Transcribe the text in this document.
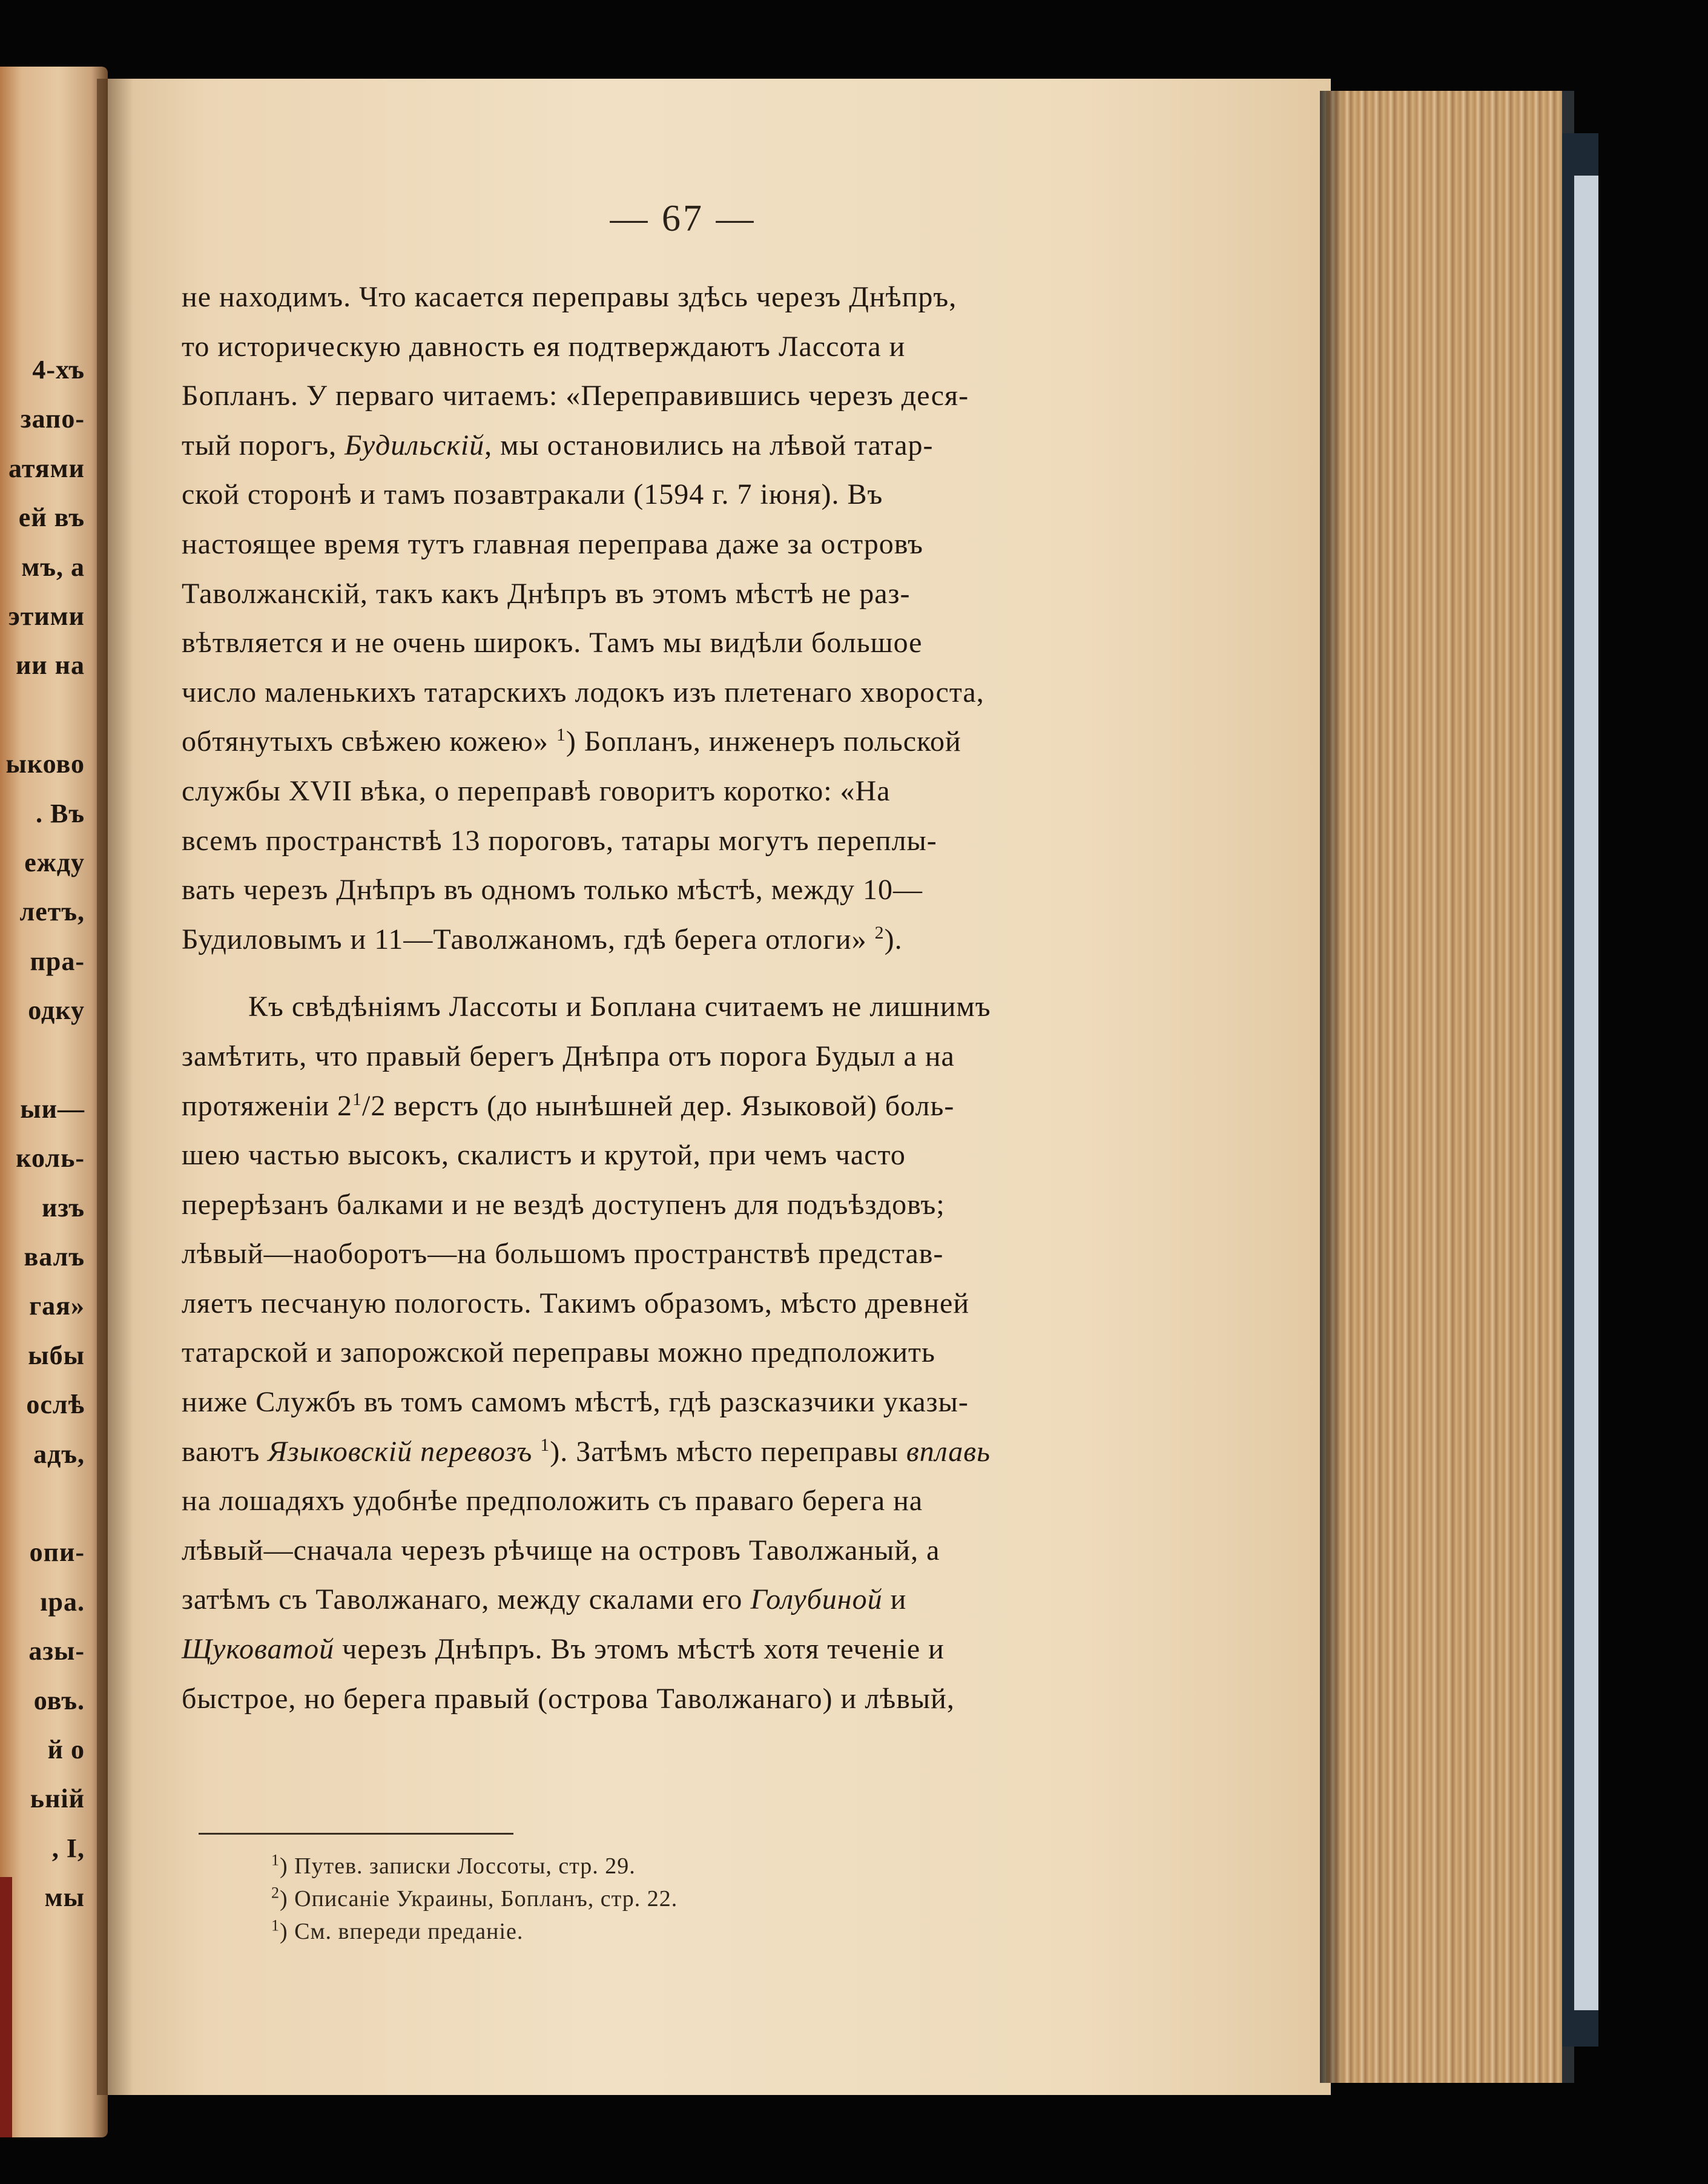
4-хъ
запо-
атями
ей въ
мъ, а
этими
ии на
ыково
. Въ
ежду
летъ,
пра-
одку
ыи—
коль-
изъ
валъ
гая»
ыбы
ослѣ
адъ,
опи-
ıра.
азы-
овъ.
й о
ьній
, I,
мы
— 67 —
не находимъ. Что касается переправы здѣсь черезъ Днѣпръ,
то историческую давность ея подтверждаютъ Лассота и
Бопланъ. У перваго читаемъ: «Переправившись черезъ деся-
тый порогъ, Будильскій, мы остановились на лѣвой татар-
ской сторонѣ и тамъ позавтракали (1594 г. 7 іюня). Въ
настоящее время тутъ главная переправа даже за островъ
Таволжанскій, такъ какъ Днѣпръ въ этомъ мѣстѣ не раз-
вѣтвляется и не очень широкъ. Тамъ мы видѣли большое
число маленькихъ татарскихъ лодокъ изъ плетенаго хвороста,
обтянутыхъ свѣжею кожею» $^1$) Бопланъ, инженеръ польской
службы XVII вѣка, о переправѣ говоритъ коротко: «На
всемъ пространствѣ 13 пороговъ, татары могутъ переплы-
вать черезъ Днѣпръ въ одномъ только мѣстѣ, между 10—
Будиловымъ и 11—Таволжаномъ, гдѣ берега отлоги» $^2$).
Къ свѣдѣніямъ Лассоты и Боплана считаемъ не лишнимъ
замѣтить, что правый берегъ Днѣпра отъ порога Будыл а на
протяженіи $2^1/2$ верстъ (до нынѣшней дер. Языковой) боль-
шею частью высокъ, скалистъ и крутой, при чемъ часто
перерѣзанъ балками и не вездѣ доступенъ для подъѣздовъ;
лѣвый—наоборотъ—на большомъ пространствѣ представ-
ляетъ песчаную пологость. Такимъ образомъ, мѣсто древней
татарской и запорожской переправы можно предположить
ниже Службъ въ томъ самомъ мѣстѣ, гдѣ разсказчики указы-
ваютъ Языковскій перевозъ $^1$). Затѣмъ мѣсто переправы вплавь
на лошадяхъ удобнѣе предположить съ праваго берега на
лѣвый—сначала черезъ рѣчище на островъ Таволжаный, а
затѣмъ съ Таволжанаго, между скалами его Голубиной и
Щуковатой черезъ Днѣпръ. Въ этомъ мѣстѣ хотя теченіе и
быстрое, но берега правый (острова Таволжанаго) и лѣвый,
$^1$) Путев. записки Лоссоты, стр. 29.
$^2$) Описаніе Украины, Бопланъ, стр. 22.
$^1$) См. впереди преданіе.
